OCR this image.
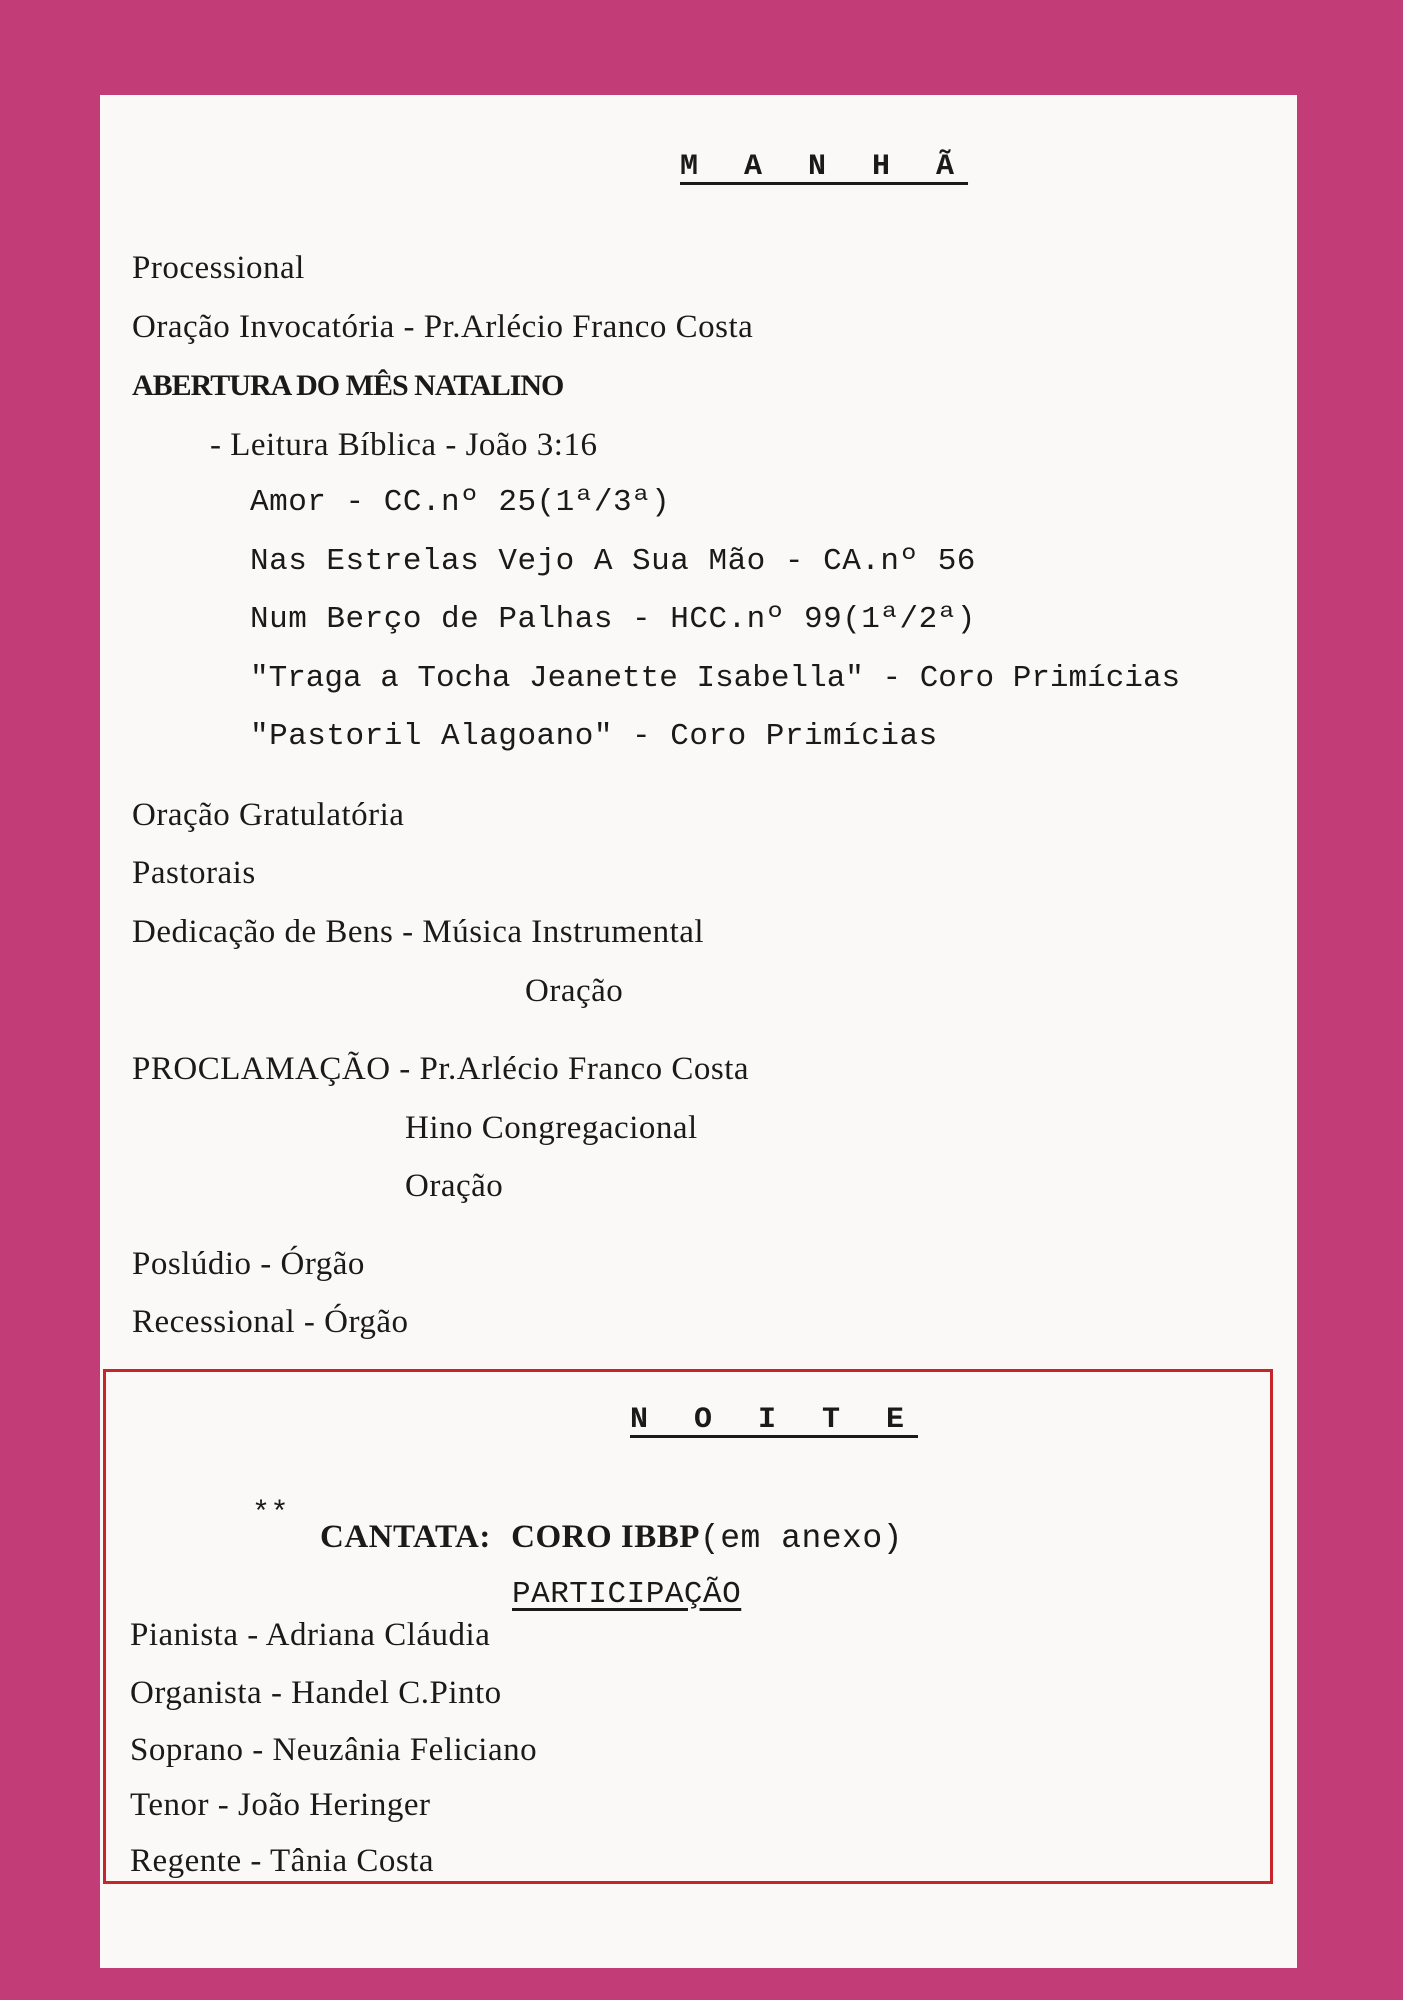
M A N H Ã
Processional
Oração Invocatória - Pr.Arlécio Franco Costa
ABERTURA DO MÊS NATALINO
- Leitura Bíblica - João 3:16
Amor - CC.nº 25(1ª/3ª)
Nas Estrelas Vejo A Sua Mão - CA.nº 56
Num Berço de Palhas - HCC.nº 99(1ª/2ª)
"Traga a Tocha Jeanette Isabella" - Coro Primícias
"Pastoril Alagoano" - Coro Primícias
Oração Gratulatória
Pastorais
Dedicação de Bens - Música Instrumental
Oração
PROCLAMAÇÃO - Pr.Arlécio Franco Costa
Hino Congregacional
Oração
Poslúdio - Órgão
Recessional - Órgão
N O I T E
**
CANTATA: CORO IBBP(em anexo)
PARTICIPAÇÃO
Pianista - Adriana Cláudia
Organista - Handel C.Pinto
Soprano - Neuzânia Feliciano
Tenor - João Heringer
Regente - Tânia Costa
